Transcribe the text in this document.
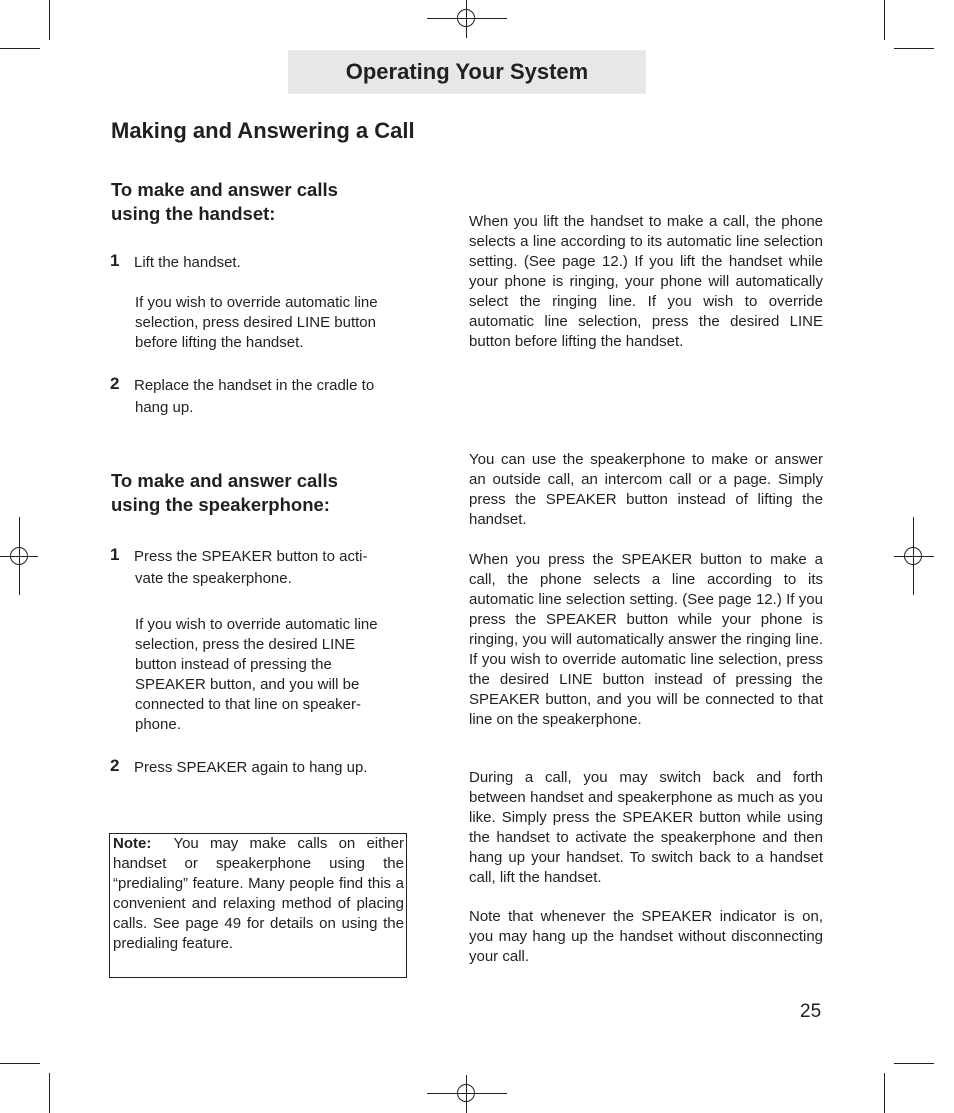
Operating Your System
Making and Answering a Call
To make and answer calls
using the handset:
1 Lift the handset.
If you wish to override automatic line
selection, press desired LINE button
before lifting the handset.
2 Replace the handset in the cradle to
hang up.
To make and answer calls
using the speakerphone:
1 Press the SPEAKER button to acti-
vate the speakerphone.
If you wish to override automatic line
selection, press the desired LINE
button instead of pressing the
SPEAKER button, and you will be
connected to that line on speaker-
phone.
2 Press SPEAKER again to hang up.

Note: You may make calls on either handset or speakerphone using the “predialing” feature. Many people find this a convenient and relaxing method of placing calls. See page 49 for details on using the predialing feature.

When you lift the handset to make a call, the phone selects a line according to its automatic line selection setting. (See page 12.) If you lift the handset while your phone is ringing, your phone will automatically select the ringing line. If you wish to override automatic line selection, press the desired LINE button before lifting the handset.
You can use the speakerphone to make or answer an outside call, an intercom call or a page. Simply press the SPEAKER button instead of lifting the handset.
When you press the SPEAKER button to make a call, the phone selects a line according to its automatic line selection setting. (See page 12.) If you press the SPEAKER button while your phone is ringing, you will automatically answer the ringing line. If you wish to override automatic line selection, press the desired LINE button instead of pressing the SPEAKER button, and you will be connected to that line on the speakerphone.
During a call, you may switch back and forth between handset and speakerphone as much as you like. Simply press the SPEAKER button while using the handset to activate the speakerphone and then hang up your handset. To switch back to a handset call, lift the handset.
Note that whenever the SPEAKER indicator is on, you may hang up the handset without disconnecting your call.
25
